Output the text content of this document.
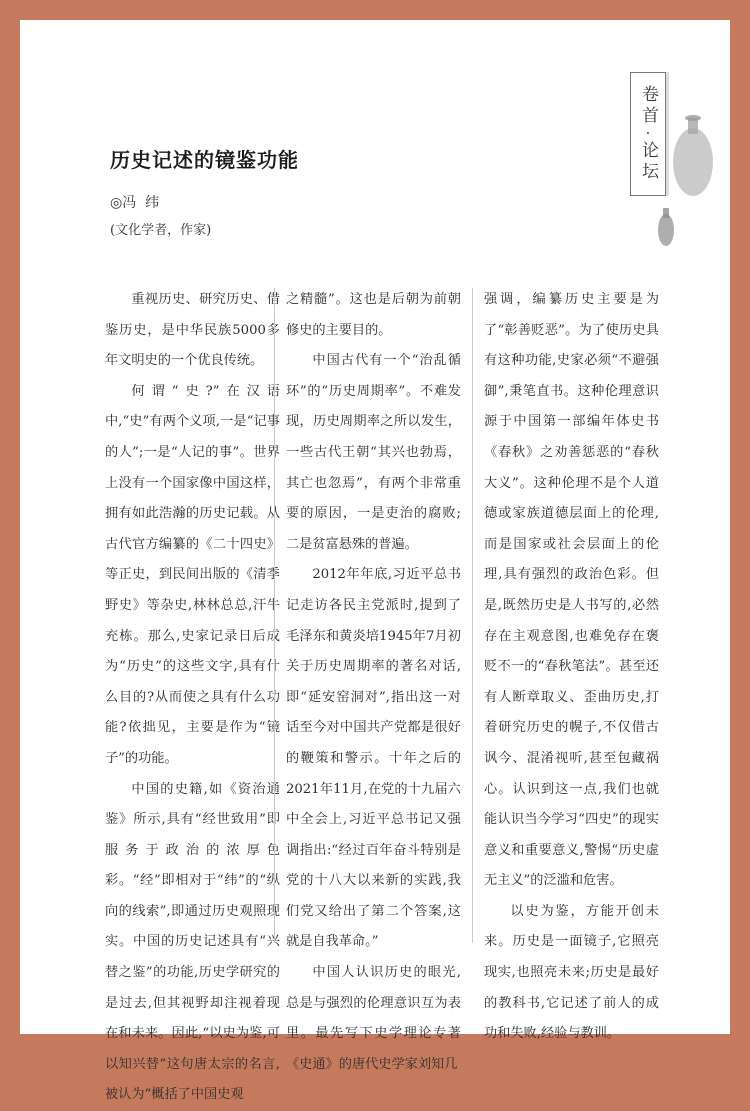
卷首
·
论坛
历史记述的镜鉴功能
◎冯  纬
(文化学者，作家)

重视历史、研究历史、借鉴历史，是中华民族5000多年文明史的一个优良传统。

何谓“史?”在汉语中,“史”有两个义项,一是“记事的人”;一是“人记的事”。世界上没有一个国家像中国这样，拥有如此浩瀚的历史记载。从古代官方编纂的《二十四史》等正史，到民间出版的《清季野史》等杂史,林林总总,汗牛充栋。那么,史家记录日后成为“历史”的这些文字,具有什么目的?从而使之具有什么功能?依拙见，主要是作为“镜子”的功能。

中国的史籍,如《资治通鉴》所示,具有“经世致用”即服务于政治的浓厚色彩。“经”即相对于“纬”的“纵向的线索”,即通过历史观照现实。中国的历史记述具有“兴替之鉴”的功能,历史学研究的是过去,但其视野却注视着现在和未来。因此,“以史为鉴,可以知兴替”这句唐太宗的名言,被认为“概括了中国史观

之精髓”。这也是后朝为前朝修史的主要目的。

中国古代有一个“治乱循环”的“历史周期率”。不难发现，历史周期率之所以发生，一些古代王朝“其兴也勃焉，其亡也忽焉”，有两个非常重要的原因，一是吏治的腐败;二是贫富悬殊的普遍。

2012年年底,习近平总书记走访各民主党派时,提到了毛泽东和黄炎培1945年7月初关于历史周期率的著名对话,即“延安窑洞对”,指出这一对话至今对中国共产党都是很好的鞭策和警示。十年之后的2021年11月,在党的十九届六中全会上,习近平总书记又强调指出:“经过百年奋斗特别是党的十八大以来新的实践,我们党又给出了第二个答案,这就是自我革命。”

中国人认识历史的眼光,总是与强烈的伦理意识互为表里。最先写下史学理论专著《史通》的唐代史学家刘知几

强调，编纂历史主要是为了“彰善贬恶”。为了使历史具有这种功能,史家必须“不避强御”,秉笔直书。这种伦理意识源于中国第一部编年体史书《春秋》之劝善惩恶的“春秋大义”。这种伦理不是个人道德或家族道德层面上的伦理,而是国家或社会层面上的伦理,具有强烈的政治色彩。但是,既然历史是人书写的,必然存在主观意图,也难免存在褒贬不一的“春秋笔法”。甚至还有人断章取义、歪曲历史,打着研究历史的幌子,不仅借古讽今、混淆视听,甚至包藏祸心。认识到这一点,我们也就能认识当今学习“四史”的现实意义和重要意义,警惕“历史虚无主义”的泛滥和危害。

以史为鉴，方能开创未来。历史是一面镜子,它照亮现实,也照亮未来;历史是最好的教科书,它记述了前人的成功和失败,经验与教训。
